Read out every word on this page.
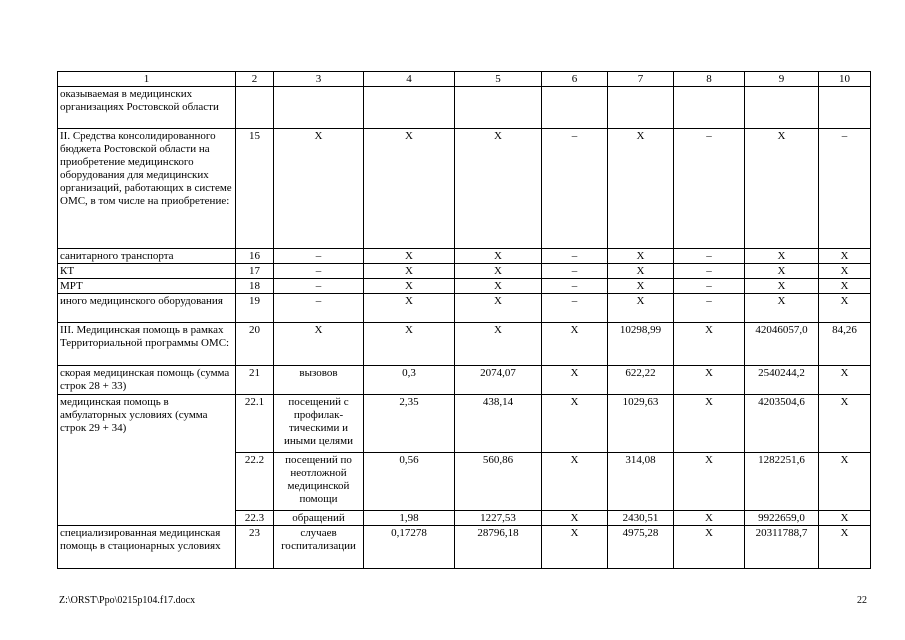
1	2	3	4	5	6	7	8	9	10
оказываемая в медицинских организациях Ростовской области									
II. Средства консолидированного бюджета Ростовской области на приобретение медицинского оборудования для медицинских организаций, работающих в системе ОМС, в том числе на приобретение:	15	X	X	X	–	X	–	X	–
санитарного транспорта	16	–	X	X	–	X	–	X	X
КТ	17	–	X	X	–	X	–	X	X
МРТ	18	–	X	X	–	X	–	X	X
иного медицинского оборудования	19	–	X	X	–	X	–	X	X
III. Медицинская помощь в рамках Территориальной программы ОМС:	20	X	X	X	X	10298,99	X	42046057,0	84,26
скорая медицинская помощь (сумма строк 28 + 33)	21	вызовов	0,3	2074,07	X	622,22	X	2540244,2	X
медицинская помощь в амбулаторных условиях (сумма строк 29 + 34)	22.1	посещений с профилак-тическими и иными целями	2,35	438,14	X	1029,63	X	4203504,6	X
	22.2	посещений по неотложной медицинской помощи	0,56	560,86	X	314,08	X	1282251,6	X
	22.3	обращений	1,98	1227,53	X	2430,51	X	9922659,0	X
специализированная медицинская помощь в стационарных условиях	23	случаев госпитализации	0,17278	28796,18	X	4975,28	X	20311788,7	X
Z:\ORST\Ppo\0215p104.f17.docx	22
